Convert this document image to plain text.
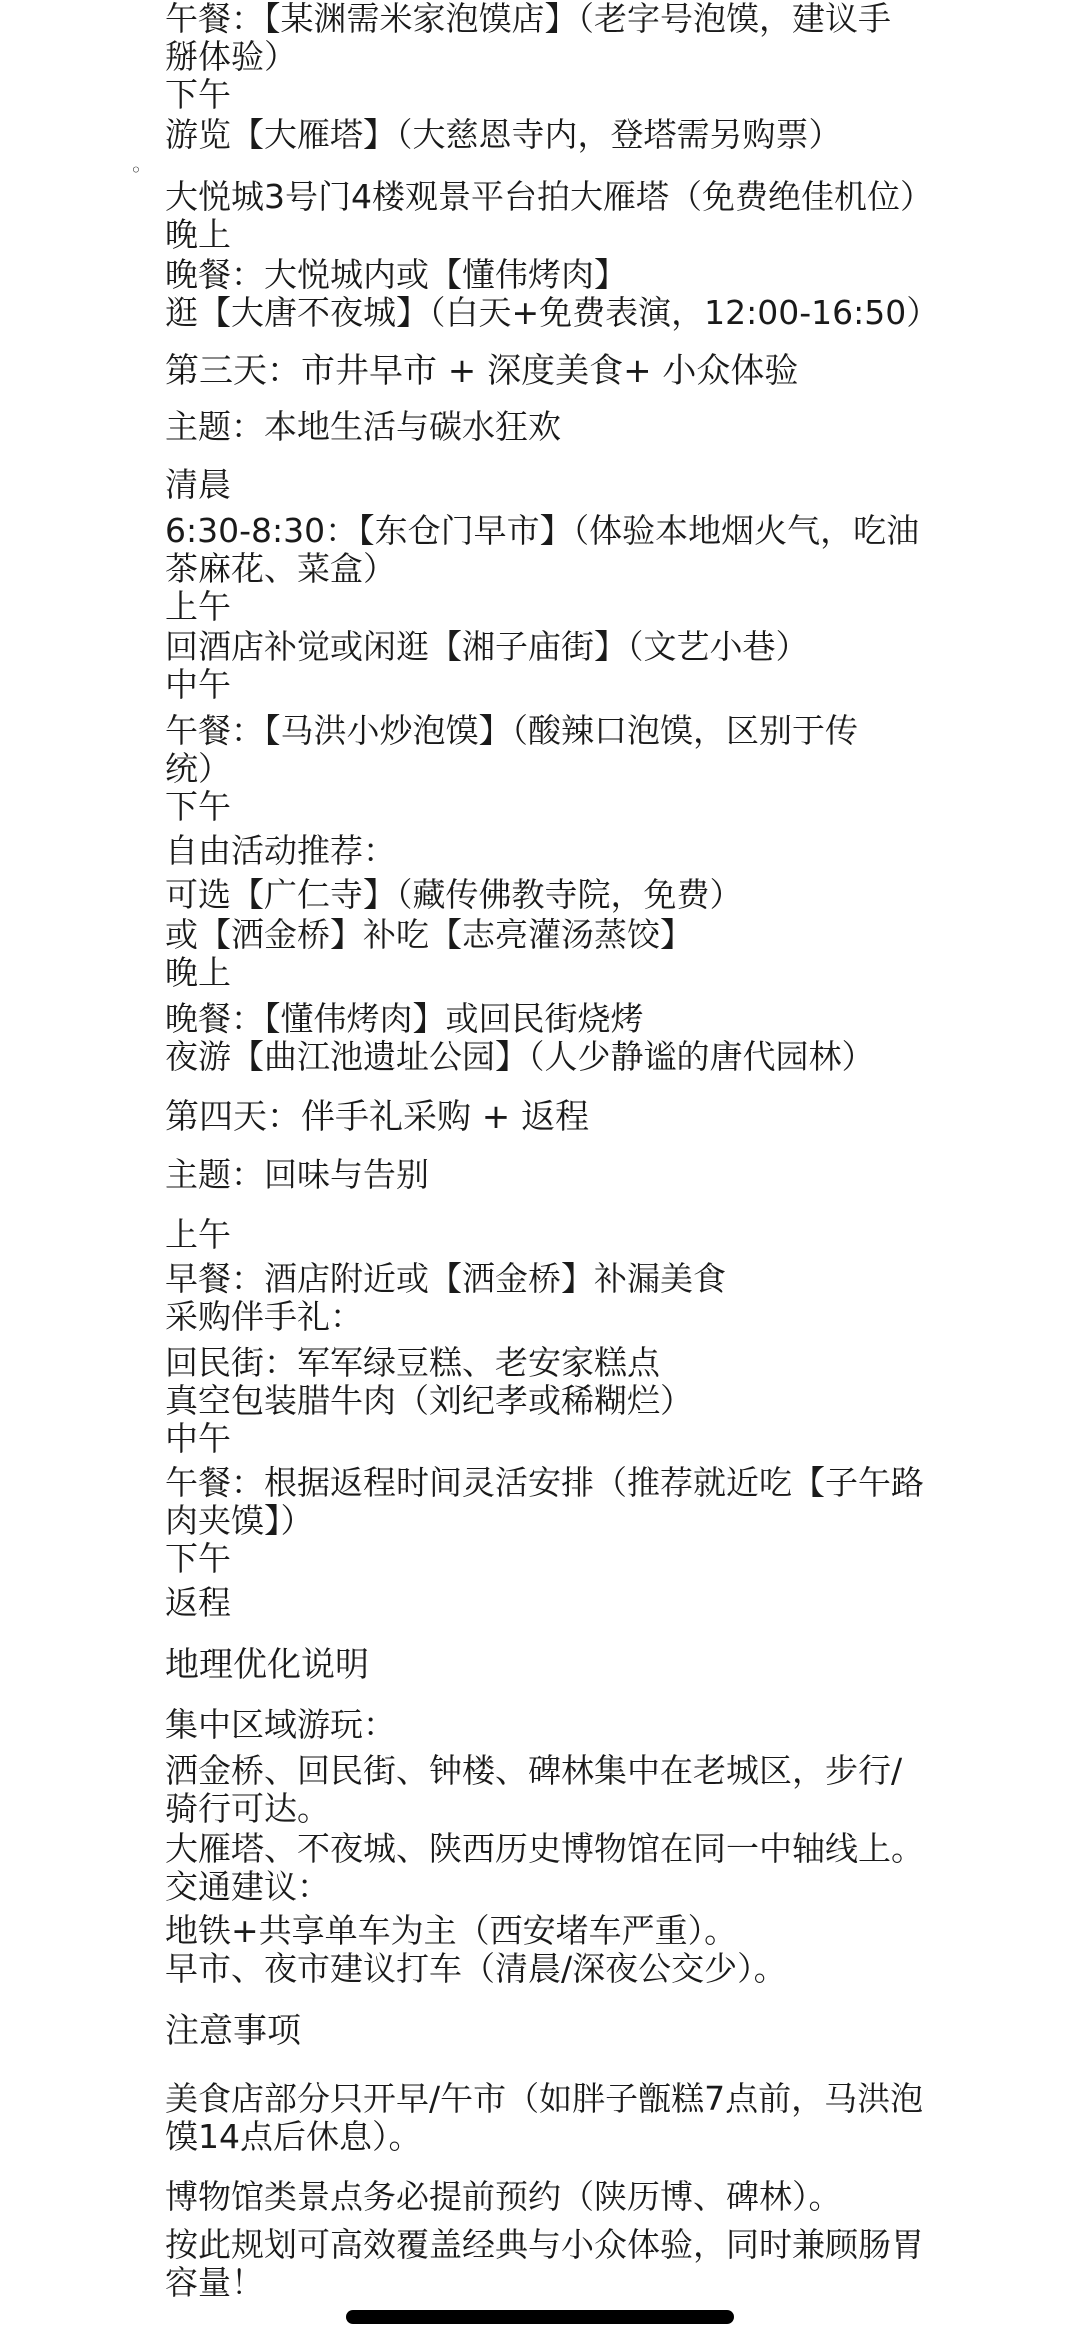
午餐：【某渊需米家泡馍店】（老字号泡馍，建议手
掰体验）
下午
游览【大雁塔】（大慈恩寺内，登塔需另购票）
◦
大悦城3号门4楼观景平台拍大雁塔（免费绝佳机位）
晚上
晚餐：大悦城内或【懂伟烤肉】
逛【大唐不夜城】（白天+免费表演，12:00-16:50）
第三天：市井早市 + 深度美食+ 小众体验
主题：本地生活与碳水狂欢
清晨
6:30-8:30：【东仓门早市】（体验本地烟火气，吃油
茶麻花、菜盒）
上午
回酒店补觉或闲逛【湘子庙街】（文艺小巷）
中午
午餐：【马洪小炒泡馍】（酸辣口泡馍，区别于传
统）
下午
自由活动推荐：
可选【广仁寺】（藏传佛教寺院，免费）
或【洒金桥】补吃【志亮灌汤蒸饺】
晚上
晚餐：【懂伟烤肉】或回民街烧烤
夜游【曲江池遗址公园】（人少静谧的唐代园林）
第四天：伴手礼采购 + 返程
主题：回味与告别
上午
早餐：酒店附近或【洒金桥】补漏美食
采购伴手礼：
回民街：军军绿豆糕、老安家糕点
真空包装腊牛肉（刘纪孝或稀糊烂）
中午
午餐：根据返程时间灵活安排（推荐就近吃【子午路
肉夹馍】）
下午
返程
地理优化说明
集中区域游玩：
洒金桥、回民街、钟楼、碑林集中在老城区，步行/
骑行可达。
大雁塔、不夜城、陕西历史博物馆在同一中轴线上。
交通建议：
地铁+共享单车为主（西安堵车严重）。
早市、夜市建议打车（清晨/深夜公交少）。
注意事项
美食店部分只开早/午市（如胖子甑糕7点前，马洪泡
馍14点后休息）。
博物馆类景点务必提前预约（陕历博、碑林）。
按此规划可高效覆盖经典与小众体验，同时兼顾肠胃
容量！
